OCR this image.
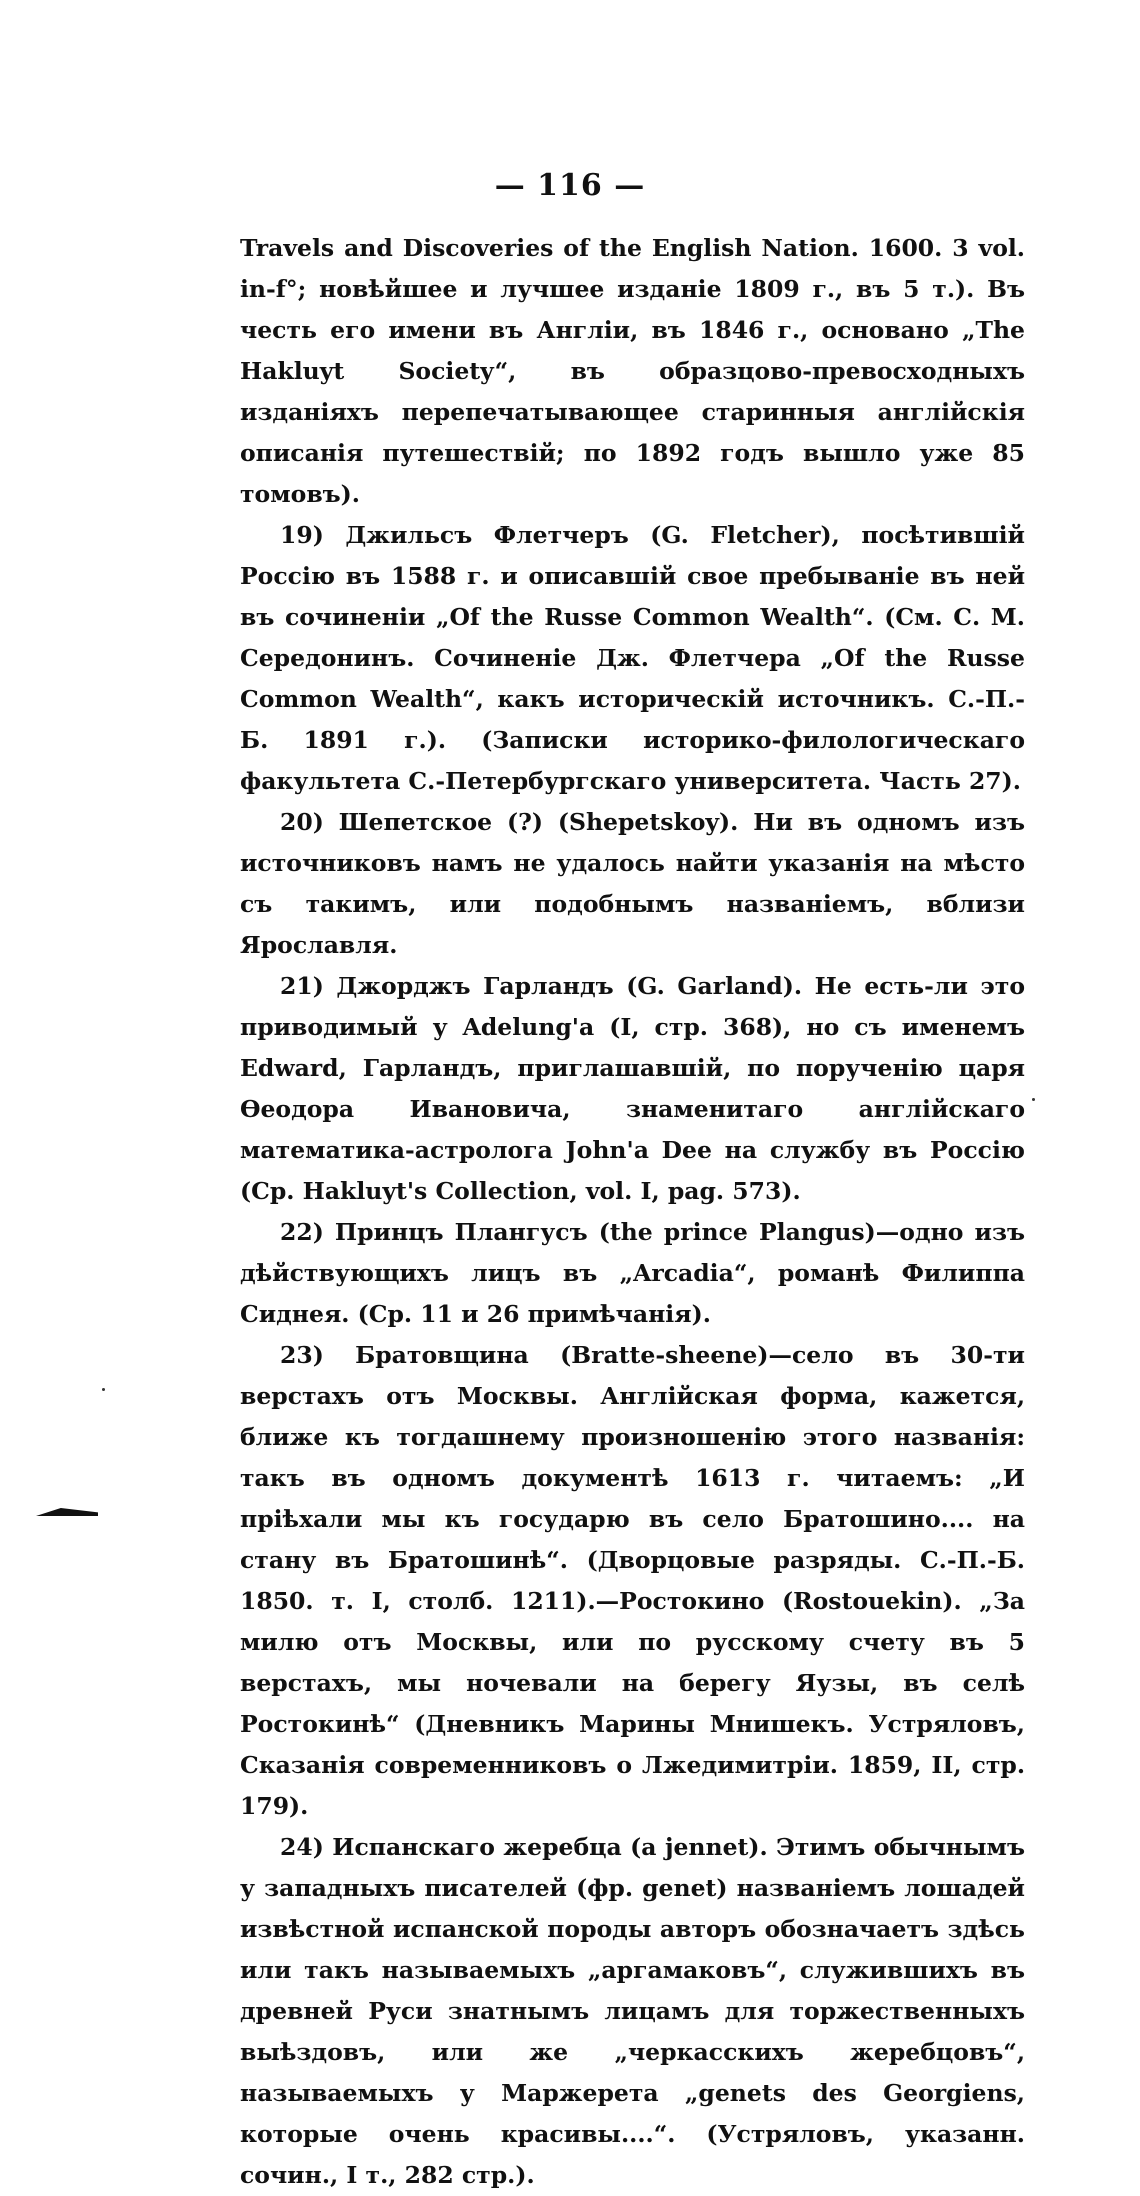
— 116 —

Travels and Discoveries of the English Nation. 1600. 3 vol. in-f°; новѣйшее и лучшее изданіе 1809 г., въ 5 т.). Въ честь его имени въ Англіи, въ 1846 г., основано „The Hakluyt Society“, въ образцово-превосходныхъ изданіяхъ перепечатывающее старинныя англійскія описанія путешествій; по 1892 годъ вышло уже 85 томовъ).

19) Джильсъ Флетчеръ (G. Fletcher), посѣтившій Россію въ 1588 г. и описавшій свое пребываніе въ ней въ сочиненіи „Of the Russe Common Wealth“. (См. С. М. Середонинъ. Сочиненіе Дж. Флетчера „Of the Russe Common Wealth“, какъ историческій источникъ. С.-П.-Б. 1891 г.). (Записки историко-филологическаго факультета С.-Петербургскаго университета. Часть 27).

20) Шепетское (?) (Shepetskoy). Ни въ одномъ изъ источниковъ намъ не удалось найти указанія на мѣсто съ такимъ, или подобнымъ названіемъ, вблизи Ярославля.

21) Джорджъ Гарландъ (G. Garland). Не есть-ли это приводимый у Adelung'a (I, стр. 368), но съ именемъ Edward, Гарландъ, приглашавшій, по порученію царя Өеодора Ивановича, знаменитаго англійскаго математика-астролога John'a Dee на службу въ Россію (Ср. Hakluyt's Collection, vol. I, pag. 573).

22) Принцъ Плангусъ (the prince Plangus)—одно изъ дѣйствующихъ лицъ въ „Arcadia“, романѣ Филиппа Сиднея. (Ср. 11 и 26 примѣчанія).

23) Братовщина (Bratte-sheene)—село въ 30-ти верстахъ отъ Москвы. Англійская форма, кажется, ближе къ тогдашнему произношенію этого названія: такъ въ одномъ документѣ 1613 г. читаемъ: „И пріѣхали мы къ государю въ село Братошино.... на стану въ Братошинѣ“. (Дворцовые разряды. С.-П.-Б. 1850. т. I, столб. 1211).—Ростокино (Rostouekin). „За милю отъ Москвы, или по русскому счету въ 5 верстахъ, мы ночевали на берегу Яузы, въ селѣ Ростокинѣ“ (Дневникъ Марины Мнишекъ. Устряловъ, Сказанія современниковъ о Лжедимитріи. 1859, II, стр. 179).

24) Испанскаго жеребца (a jennet). Этимъ обычнымъ у западныхъ писателей (фр. genet) названіемъ лошадей извѣстной испанской породы авторъ обозначаетъ здѣсь или такъ называемыхъ „аргамаковъ“, служившихъ въ древней Руси знатнымъ лицамъ для торжественныхъ выѣздовъ, или же „черкасскихъ жеребцовъ“, называемыхъ у Маржерета „genets des Georgiens, которые очень красивы....“. (Устряловъ, указанн. сочин., I т., 282 стр.).
